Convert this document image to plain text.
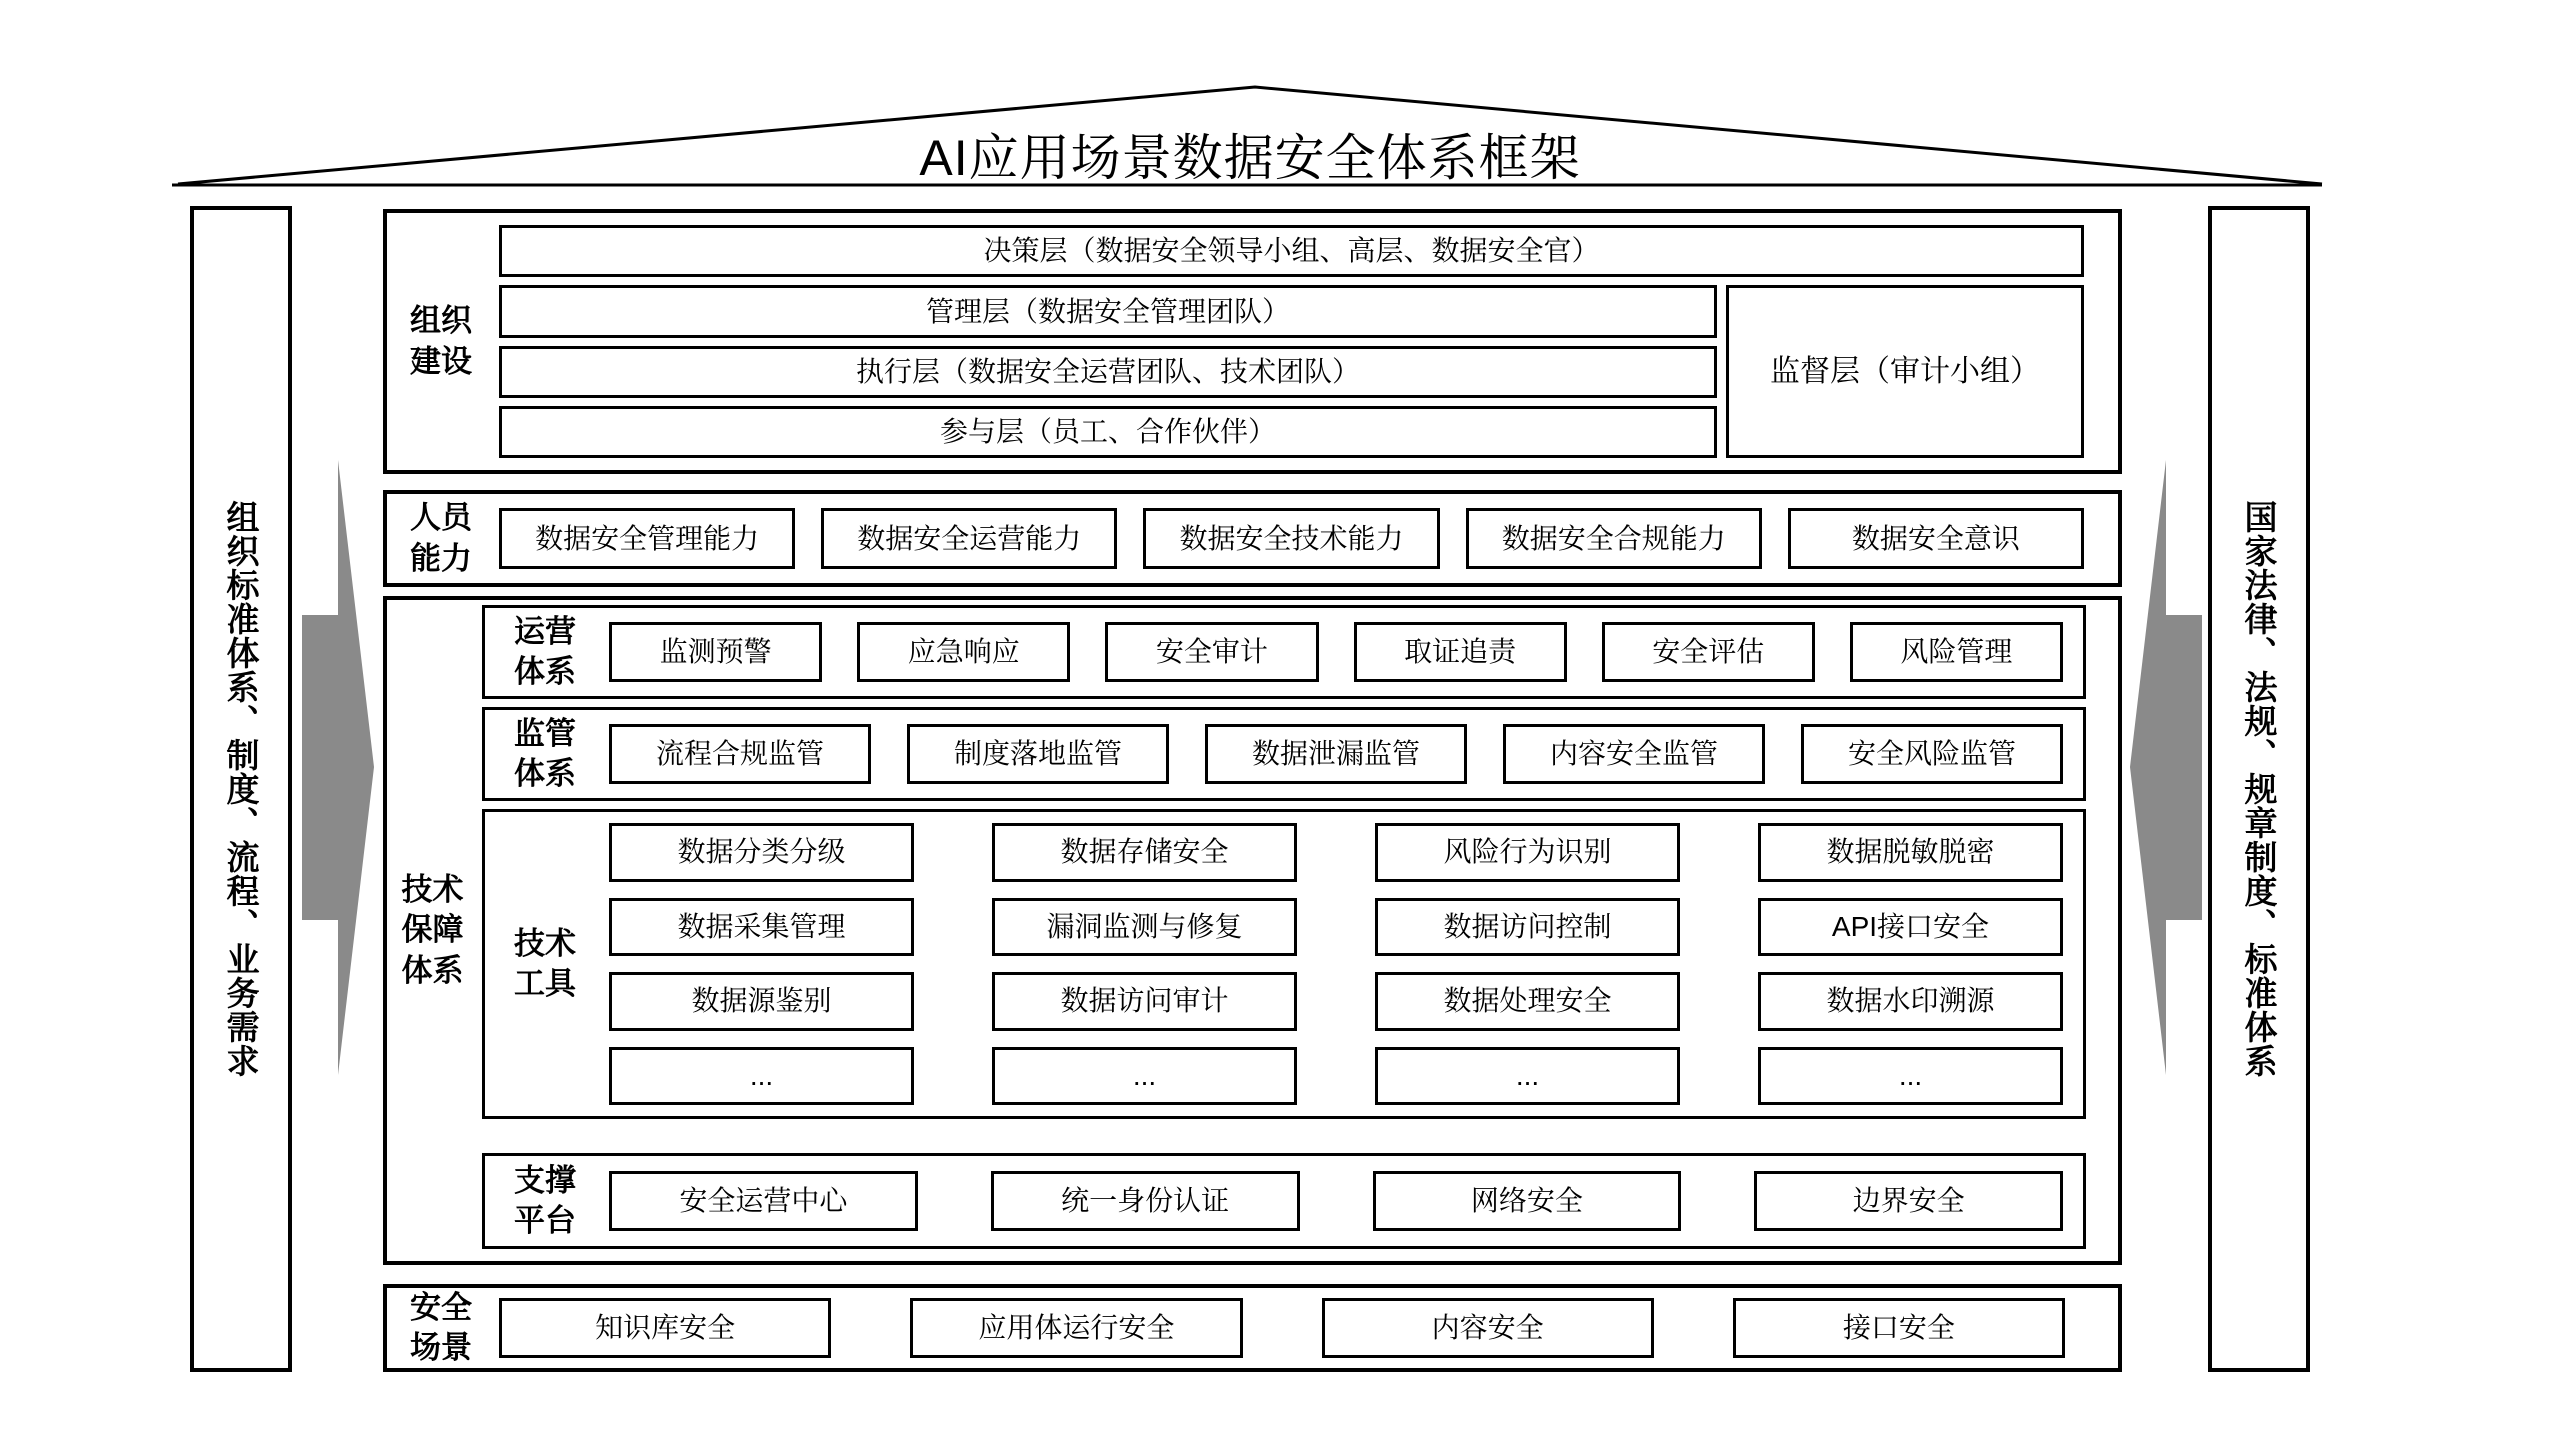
AI应用场景数据安全体系框架
组织标准体系、制度、流程、业务需求	国家法律、法规、规章制度、标准体系
组织建设
决策层（数据安全领导小组、高层、数据安全官）
管理层（数据安全管理团队）
执行层（数据安全运营团队、技术团队）
参与层（员工、合作伙伴）
监督层（审计小组）
人员能力
数据安全管理能力	数据安全运营能力	数据安全技术能力	数据安全合规能力	数据安全意识
技术保障体系
运营体系
监测预警	应急响应	安全审计	取证追责	安全评估	风险管理
监管体系
流程合规监管	制度落地监管	数据泄漏监管	内容安全监管	安全风险监管
技术工具
数据分类分级	数据存储安全	风险行为识别	数据脱敏脱密
数据采集管理	漏洞监测与修复	数据访问控制	API接口安全
数据源鉴别	数据访问审计	数据处理安全	数据水印溯源
...	...	...	...
支撑平台
安全运营中心	统一身份认证	网络安全	边界安全
安全场景
知识库安全	应用体运行安全	内容安全	接口安全
